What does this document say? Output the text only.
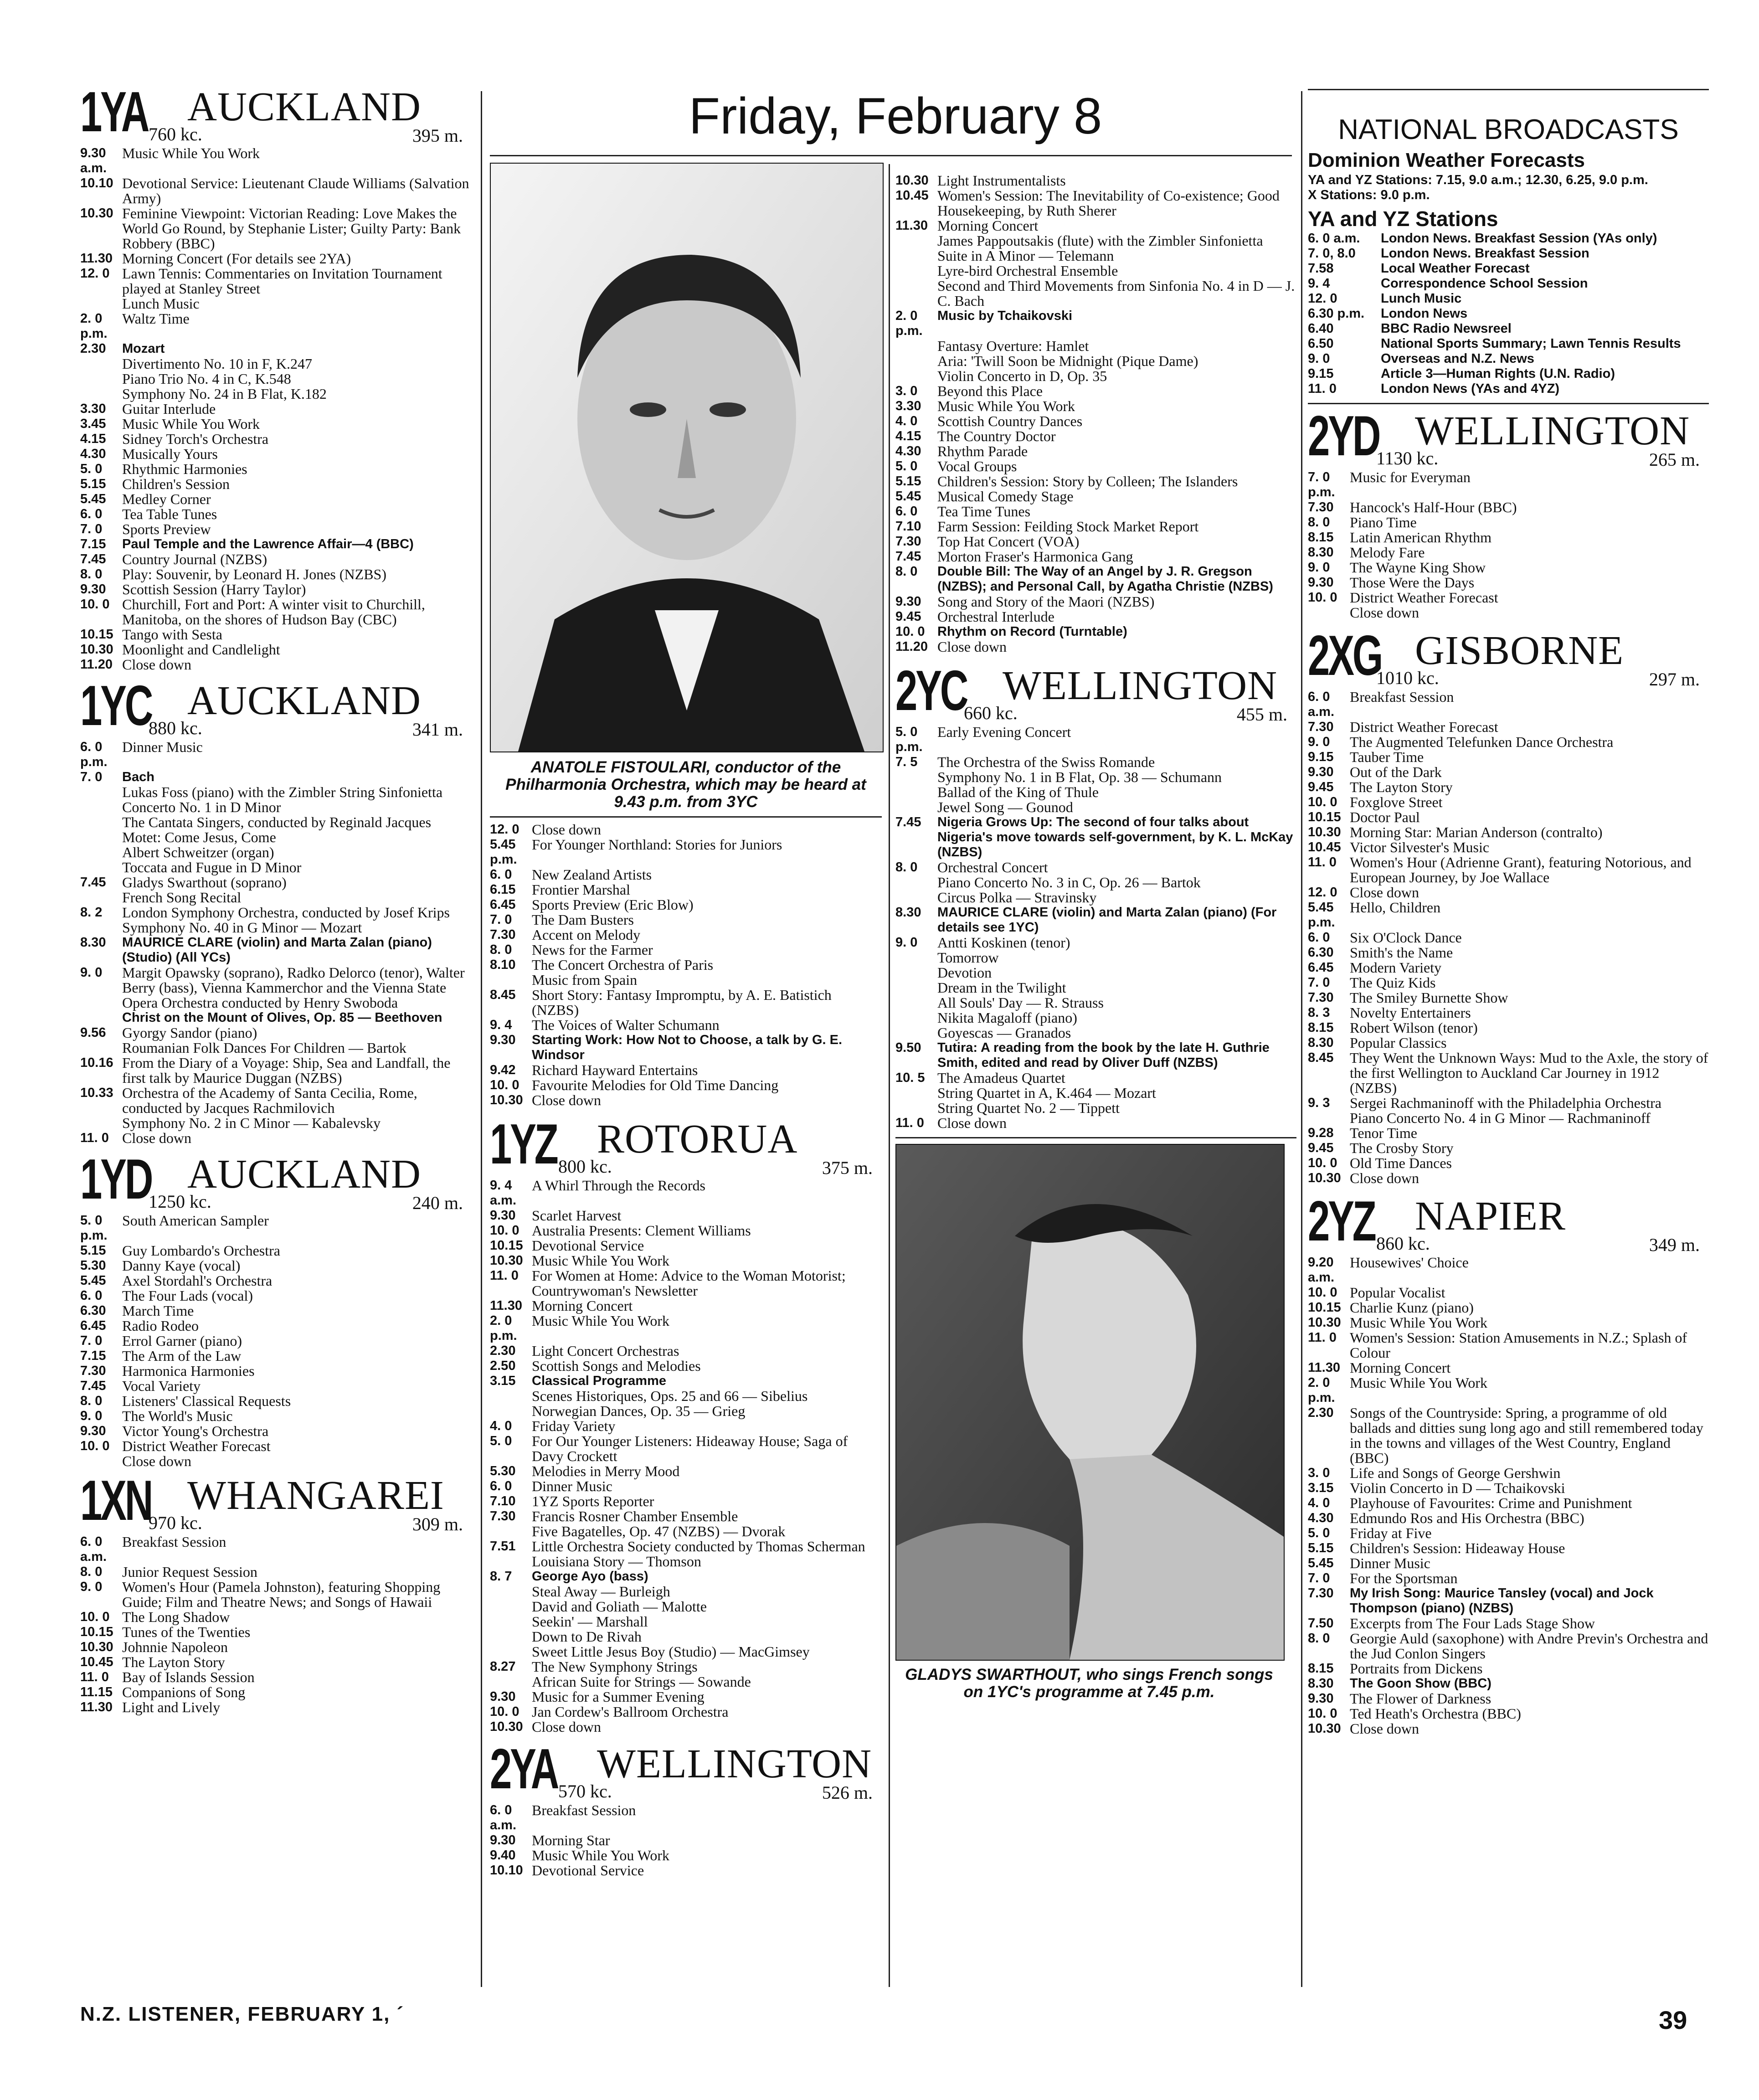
1YA AUCKLAND
760 kc.	395 m.
9.30 a.m.
Music While You Work
10.10 Devotional Service: Lieutenant Claude Williams (Salvation Army)
10.30 Feminine Viewpoint: Victorian Reading: Love Makes the World Go Round, by Stephanie Lister; Guilty Party: Bank Robbery (BBC)
11.30 Morning Concert (For details see 2YA)
12. 0 Lawn Tennis: Commentaries on Invitation Tournament played at Stanley Street
Lunch Music
2. 0 p.m.
Waltz Time
2.30	Mozart
Divertimento No. 10 in F, K.247
Piano Trio No. 4 in C, K.548
Symphony No. 24 in B Flat, K.182
3.30	Guitar Interlude
3.45	Music While You Work
4.15	Sidney Torch's Orchestra
4.30	Musically Yours
5. 0	Rhythmic Harmonies
5.15	Children's Session
5.45	Medley Corner
6. 0	Tea Table Tunes
7. 0	Sports Preview
7.15	Paul Temple and the Lawrence Affair—4 (BBC)
7.45	Country Journal (NZBS)
8. 0	Play: Souvenir, by Leonard H. Jones (NZBS)
9.30	Scottish Session (Harry Taylor)
10. 0 Churchill, Fort and Port: A winter visit to Churchill, Manitoba, on the shores of Hudson Bay (CBC)
10.15 Tango with Sesta
10.30 Moonlight and Candlelight
11.20 Close down
1YC AUCKLAND
880 kc.	341 m.
6. 0 p.m.
Dinner Music
7. 0	Bach
Lukas Foss (piano) with the Zimbler String Sinfonietta
Concerto No. 1 in D Minor
The Cantata Singers, conducted by Reginald Jacques
Motet: Come Jesus, Come
Albert Schweitzer (organ)
Toccata and Fugue in D Minor
7.45	Gladys Swarthout (soprano)
French Song Recital
8. 2	London Symphony Orchestra, conducted by Josef Krips
Symphony No. 40 in G Minor — Mozart
8.30	MAURICE CLARE (violin) and Marta Zalan (piano) (Studio) (All YCs)
9. 0	Margit Opawsky (soprano), Radko Delorco (tenor), Walter Berry (bass), Vienna Kammerchor and the Vienna State Opera Orchestra conducted by Henry Swoboda
Christ on the Mount of Olives, Op. 85 — Beethoven
9.56	Gyorgy Sandor (piano)
Roumanian Folk Dances For Children — Bartok
10.16 From the Diary of a Voyage: Ship, Sea and Landfall, the first talk by Maurice Duggan (NZBS)
10.33 Orchestra of the Academy of Santa Cecilia, Rome, conducted by Jacques Rachmilovich
Symphony No. 2 in C Minor — Kabalevsky
11. 0 Close down
1YD AUCKLAND
1250 kc.	240 m.
5. 0 p.m.
South American Sampler
5.15	Guy Lombardo's Orchestra
5.30	Danny Kaye (vocal)
5.45	Axel Stordahl's Orchestra
6. 0	The Four Lads (vocal)
6.30	March Time
6.45	Radio Rodeo
7. 0	Errol Garner (piano)
7.15	The Arm of the Law
7.30	Harmonica Harmonies
7.45	Vocal Variety
8. 0	Listeners' Classical Requests
9. 0	The World's Music
9.30	Victor Young's Orchestra
10. 0 District Weather Forecast
Close down
1XN WHANGAREI
970 kc.	309 m.
6. 0 a.m.
Breakfast Session
8. 0	Junior Request Session
9. 0	Women's Hour (Pamela Johnston), featuring Shopping Guide; Film and Theatre News; and Songs of Hawaii
10. 0 The Long Shadow
10.15 Tunes of the Twenties
10.30 Johnnie Napoleon
10.45 The Layton Story
11. 0 Bay of Islands Session
11.15 Companions of Song
11.30 Light and Lively
Friday, February 8
ANATOLE FISTOULARI, conductor of the Philharmonia Orchestra, which may be heard at 9.43 p.m. from 3YC
12. 0 Close down
5.45 p.m.
For Younger Northland: Stories for Juniors
6. 0	New Zealand Artists
6.15	Frontier Marshal
6.45	Sports Preview (Eric Blow)
7. 0	The Dam Busters
7.30	Accent on Melody
8. 0	News for the Farmer
8.10	The Concert Orchestra of Paris
Music from Spain
8.45	Short Story: Fantasy Impromptu, by A. E. Batistich (NZBS)
9. 4	The Voices of Walter Schumann
9.30	Starting Work: How Not to Choose, a talk by G. E. Windsor
9.42	Richard Hayward Entertains
10. 0 Favourite Melodies for Old Time Dancing
10.30 Close down
1YZ ROTORUA
800 kc.	375 m.
9. 4 a.m.
A Whirl Through the Records
9.30	Scarlet Harvest
10. 0 Australia Presents: Clement Williams
10.15 Devotional Service
10.30 Music While You Work
11. 0 For Women at Home: Advice to the Woman Motorist; Countrywoman's Newsletter
11.30 Morning Concert
2. 0 p.m.
Music While You Work
2.30	Light Concert Orchestras
2.50	Scottish Songs and Melodies
3.15	Classical Programme
Scenes Historiques, Ops. 25 and 66 — Sibelius
Norwegian Dances, Op. 35 — Grieg
4. 0	Friday Variety
5. 0	For Our Younger Listeners: Hideaway House; Saga of Davy Crockett
5.30	Melodies in Merry Mood
6. 0	Dinner Music
7.10	1YZ Sports Reporter
7.30	Francis Rosner Chamber Ensemble
Five Bagatelles, Op. 47 (NZBS) — Dvorak
7.51	Little Orchestra Society conducted by Thomas Scherman
Louisiana Story — Thomson
8. 7	George Ayo (bass)
Steal Away — Burleigh
David and Goliath — Malotte
Seekin' — Marshall
Down to De Rivah
Sweet Little Jesus Boy (Studio) — MacGimsey
8.27	The New Symphony Strings
African Suite for Strings — Sowande
9.30	Music for a Summer Evening
10. 0 Jan Cordew's Ballroom Orchestra
10.30 Close down
2YA WELLINGTON
570 kc.	526 m.
6. 0 a.m.
Breakfast Session
9.30	Morning Star
9.40	Music While You Work
10.10 Devotional Service
10.30 Light Instrumentalists
10.45 Women's Session: The Inevitability of Co-existence; Good Housekeeping, by Ruth Sherer
11.30 Morning Concert
James Pappoutsakis (flute) with the Zimbler Sinfonietta
Suite in A Minor — Telemann
Lyre-bird Orchestral Ensemble
Second and Third Movements from Sinfonia No. 4 in D — J. C. Bach
2. 0 p.m.
Music by Tchaikovski
Fantasy Overture: Hamlet
Aria: 'Twill Soon be Midnight (Pique Dame)
Violin Concerto in D, Op. 35
3. 0	Beyond this Place
3.30	Music While You Work
4. 0	Scottish Country Dances
4.15	The Country Doctor
4.30	Rhythm Parade
5. 0	Vocal Groups
5.15	Children's Session: Story by Colleen; The Islanders
5.45	Musical Comedy Stage
6. 0	Tea Time Tunes
7.10	Farm Session: Feilding Stock Market Report
7.30	Top Hat Concert (VOA)
7.45	Morton Fraser's Harmonica Gang
8. 0	Double Bill: The Way of an Angel by J. R. Gregson (NZBS); and Personal Call, by Agatha Christie (NZBS)
9.30	Song and Story of the Maori (NZBS)
9.45	Orchestral Interlude
10. 0 Rhythm on Record (Turntable)
11.20 Close down
2YC WELLINGTON
660 kc.	455 m.
5. 0 p.m.
Early Evening Concert
7. 5	The Orchestra of the Swiss Romande
Symphony No. 1 in B Flat, Op. 38 — Schumann
Ballad of the King of Thule
Jewel Song — Gounod
7.45	Nigeria Grows Up: The second of four talks about Nigeria's move towards self-government, by K. L. McKay (NZBS)
8. 0	Orchestral Concert
Piano Concerto No. 3 in C, Op. 26 — Bartok
Circus Polka — Stravinsky
8.30	MAURICE CLARE (violin) and Marta Zalan (piano) (For details see 1YC)
9. 0	Antti Koskinen (tenor)
Tomorrow
Devotion
Dream in the Twilight
All Souls' Day — R. Strauss
Nikita Magaloff (piano)
Goyescas — Granados
9.50	Tutira: A reading from the book by the late H. Guthrie Smith, edited and read by Oliver Duff (NZBS)
10. 5 The Amadeus Quartet
String Quartet in A, K.464 — Mozart
String Quartet No. 2 — Tippett
11. 0 Close down
GLADYS SWARTHOUT, who sings French songs on 1YC's programme at 7.45 p.m.
NATIONAL BROADCASTS
Dominion Weather Forecasts
YA and YZ Stations: 7.15, 9.0 a.m.; 12.30, 6.25, 9.0 p.m.
X Stations: 9.0 p.m.
YA and YZ Stations
6. 0 a.m.	London News. Breakfast Session (YAs only)
7. 0, 8.0	London News. Breakfast Session
7.58	Local Weather Forecast
9. 4	Correspondence School Session
12. 0	Lunch Music
6.30 p.m.	London News
6.40	BBC Radio Newsreel
6.50	National Sports Summary; Lawn Tennis Results
9. 0	Overseas and N.Z. News
9.15	Article 3—Human Rights (U.N. Radio)
11. 0	London News (YAs and 4YZ)
2YD WELLINGTON
1130 kc.	265 m.
7. 0 p.m.
Music for Everyman
7.30	Hancock's Half-Hour (BBC)
8. 0	Piano Time
8.15	Latin American Rhythm
8.30	Melody Fare
9. 0	The Wayne King Show
9.30	Those Were the Days
10. 0 District Weather Forecast
Close down
2XG GISBORNE
1010 kc.	297 m.
6. 0 a.m.
Breakfast Session
7.30	District Weather Forecast
9. 0	The Augmented Telefunken Dance Orchestra
9.15	Tauber Time
9.30	Out of the Dark
9.45	The Layton Story
10. 0 Foxglove Street
10.15 Doctor Paul
10.30 Morning Star: Marian Anderson (contralto)
10.45 Victor Silvester's Music
11. 0 Women's Hour (Adrienne Grant), featuring Notorious, and European Journey, by Joe Wallace
12. 0 Close down
5.45 p.m.
Hello, Children
6. 0	Six O'Clock Dance
6.30	Smith's the Name
6.45	Modern Variety
7. 0	The Quiz Kids
7.30	The Smiley Burnette Show
8. 3	Novelty Entertainers
8.15	Robert Wilson (tenor)
8.30	Popular Classics
8.45	They Went the Unknown Ways: Mud to the Axle, the story of the first Wellington to Auckland Car Journey in 1912 (NZBS)
9. 3	Sergei Rachmaninoff with the Philadelphia Orchestra
Piano Concerto No. 4 in G Minor — Rachmaninoff
9.28	Tenor Time
9.45	The Crosby Story
10. 0 Old Time Dances
10.30 Close down
2YZ NAPIER
860 kc.	349 m.
9.20 a.m.
Housewives' Choice
10. 0 Popular Vocalist
10.15 Charlie Kunz (piano)
10.30 Music While You Work
11. 0 Women's Session: Station Amusements in N.Z.; Splash of Colour
11.30 Morning Concert
2. 0 p.m.
Music While You Work
2.30	Songs of the Countryside: Spring, a programme of old ballads and ditties sung long ago and still remembered today in the towns and villages of the West Country, England (BBC)
3. 0	Life and Songs of George Gershwin
3.15	Violin Concerto in D — Tchaikovski
4. 0	Playhouse of Favourites: Crime and Punishment
4.30	Edmundo Ros and His Orchestra (BBC)
5. 0	Friday at Five
5.15	Children's Session: Hideaway House
5.45	Dinner Music
7. 0	For the Sportsman
7.30	My Irish Song: Maurice Tansley (vocal) and Jock Thompson (piano) (NZBS)
7.50	Excerpts from The Four Lads Stage Show
8. 0	Georgie Auld (saxophone) with Andre Previn's Orchestra and the Jud Conlon Singers
8.15	Portraits from Dickens
8.30	The Goon Show (BBC)
9.30	The Flower of Darkness
10. 0 Ted Heath's Orchestra (BBC)
10.30 Close down
N.Z. LISTENER, FEBRUARY 1, ´	39
